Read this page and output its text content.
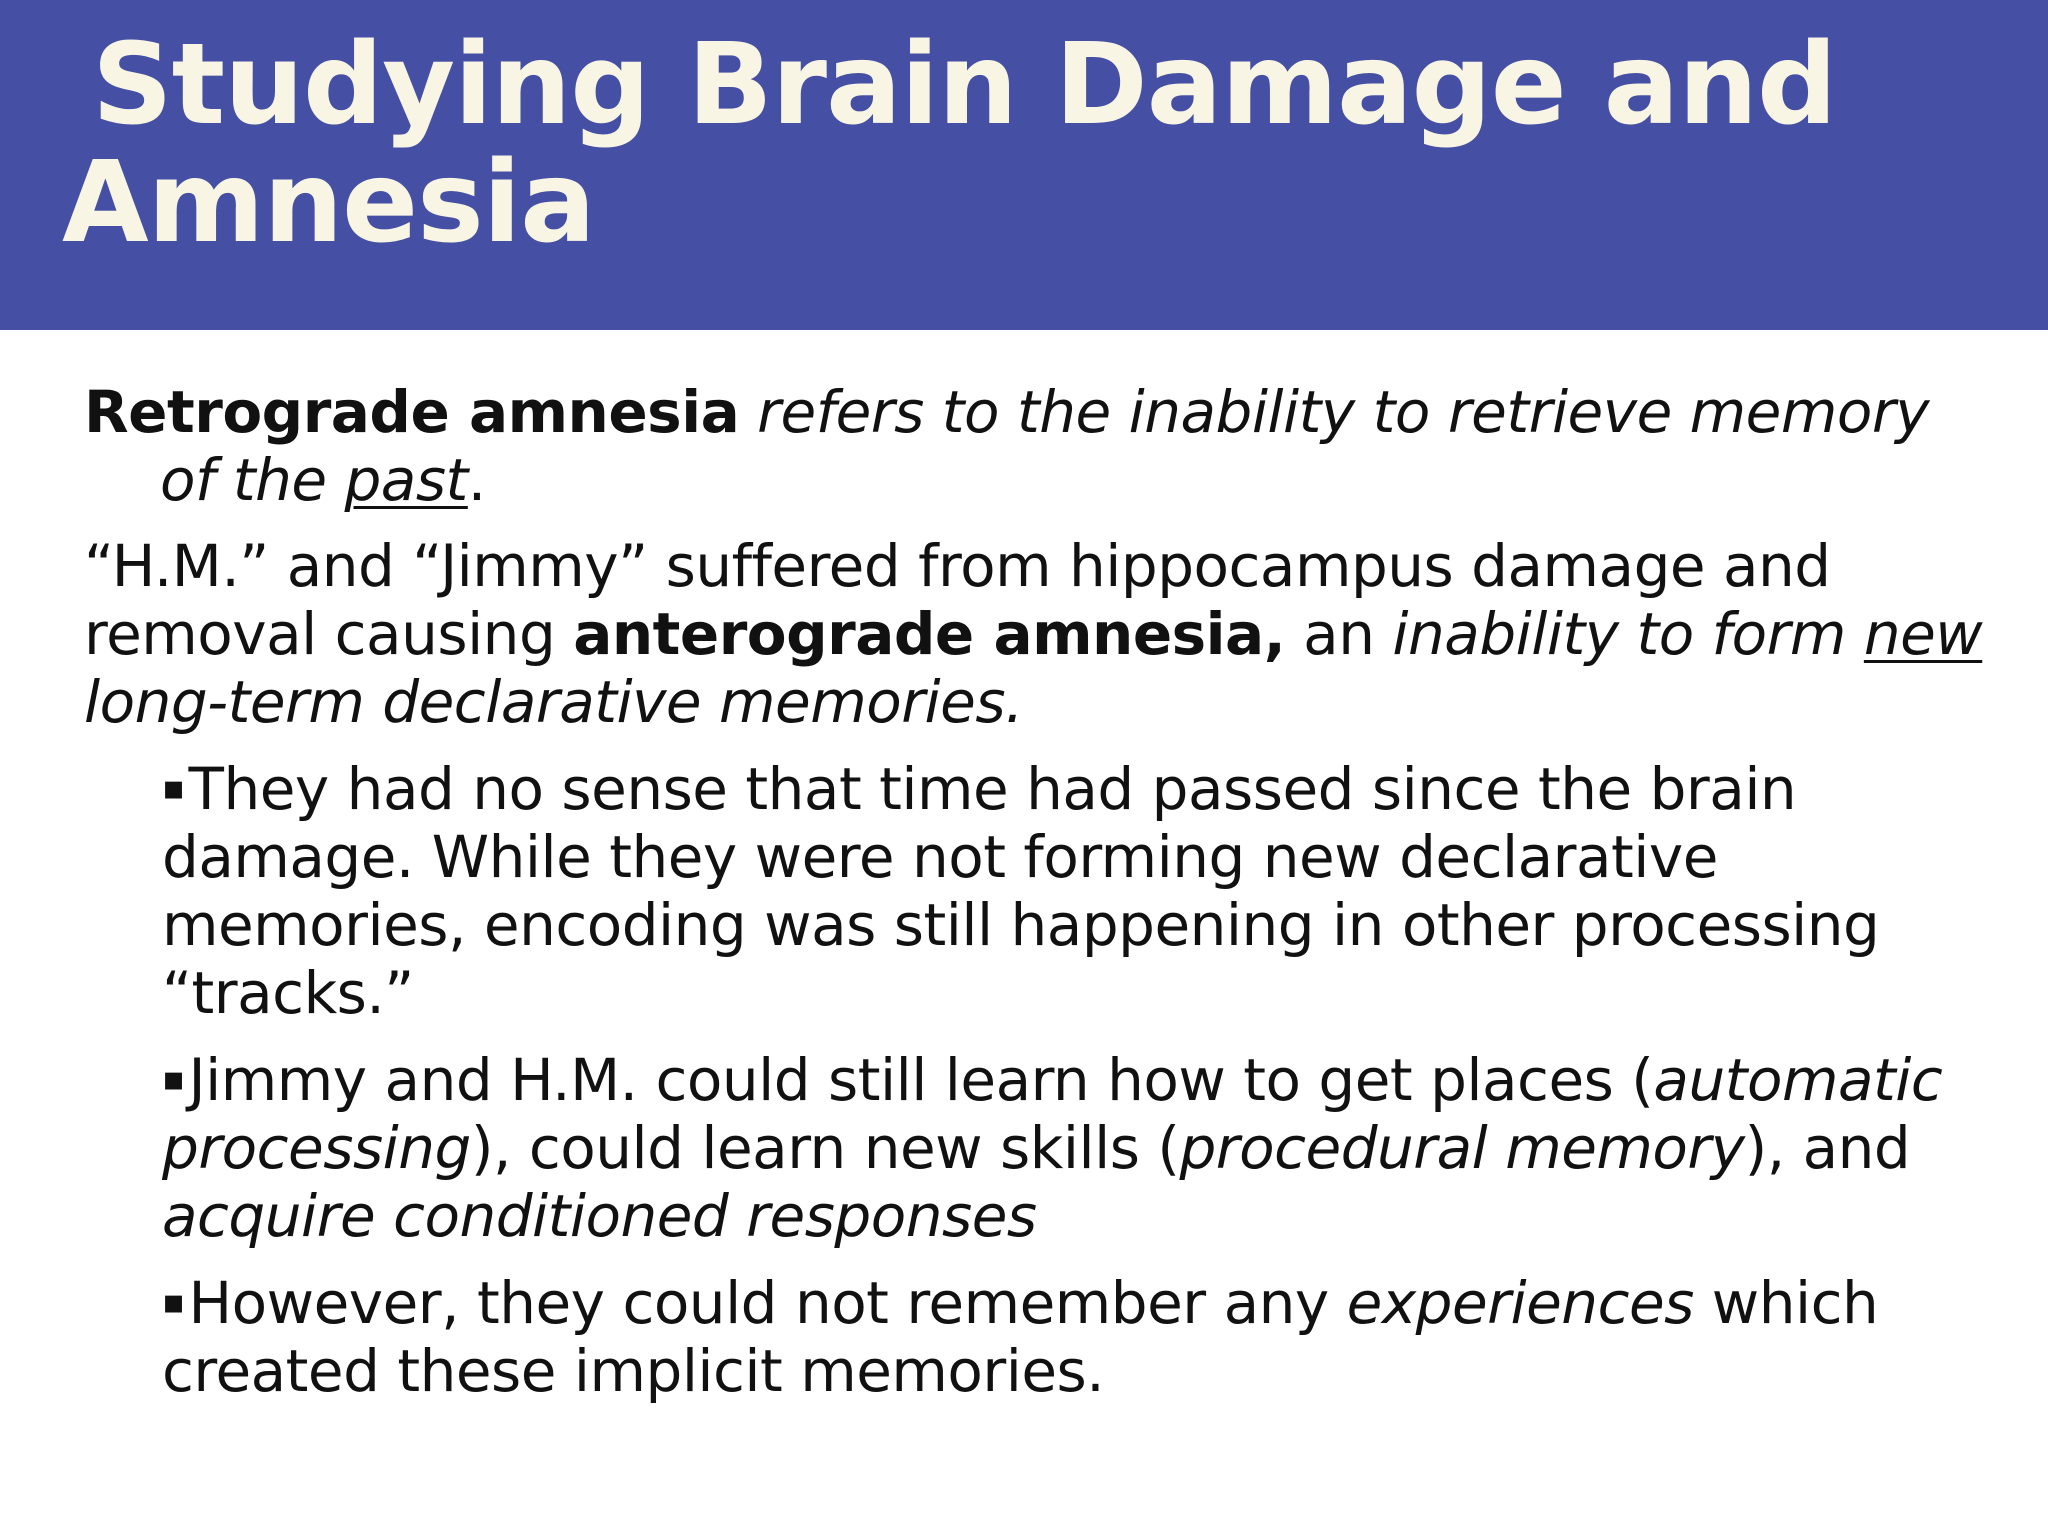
Studying Brain Damage and
Amnesia

Retrograde amnesia refers to the inability to retrieve memory of the past.

“H.M.” and “Jimmy” suffered from hippocampus damage and removal causing anterograde amnesia, an inability to form new long-term declarative memories.

▪They had no sense that time had passed since the brain damage. While they were not forming new declarative memories, encoding was still happening in other processing “tracks.”

▪Jimmy and H.M. could still learn how to get places (automatic processing), could learn new skills (procedural memory), and acquire conditioned responses

▪However, they could not remember any experiences which created these implicit memories.
